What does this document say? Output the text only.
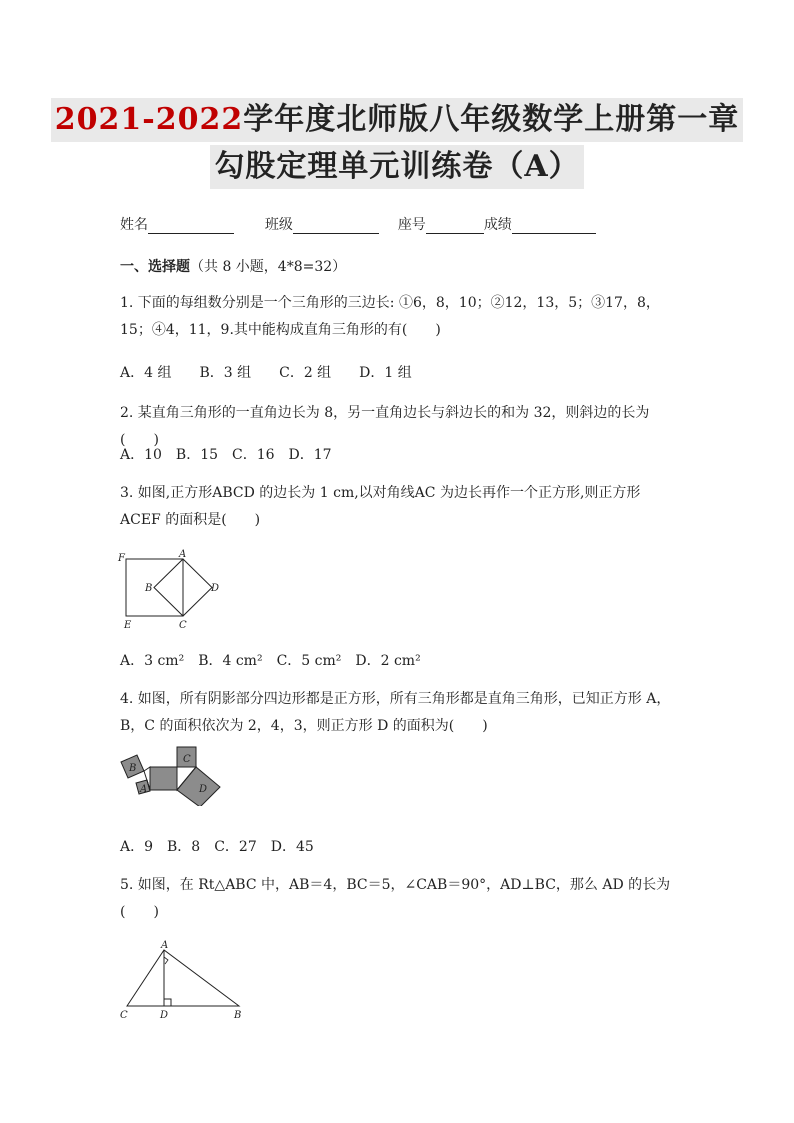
2021-2022学年度北师版八年级数学上册第一章
勾股定理单元训练卷（A）
姓名	班级	座号	成绩
一、选择题（共 8 小题，4*8=32）
1. 下面的每组数分别是一个三角形的三边长: ①6，8，10；②12，13，5；③17，8，15；④4，11，9.其中能构成直角三角形的有(　　)
A．4 组　　B．3 组　　C．2 组　　D．1 组
2. 某直角三角形的一直角边长为 8，另一直角边长与斜边长的和为 32，则斜边的长为(　　)
A．10　B．15　C．16　D．17
3. 如图,正方形ABCD 的边长为 1 cm,以对角线AC 为边长再作一个正方形,则正方形 ACEF 的面积是(　　)
F	A
B	D
E	C
A．3 cm²　B．4 cm²　C．5 cm²　D．2 cm²
4. 如图，所有阴影部分四边形都是正方形，所有三角形都是直角三角形，已知正方形 A，B，C 的面积依次为 2，4，3，则正方形 D 的面积为(　　)
B
A
C
D
A．9　B．8　C．27　D．45
5. 如图，在 Rt△ABC 中，AB＝4，BC＝5，∠CAB＝90°，AD⊥BC，那么 AD 的长为(　　)
A
C	D	B
